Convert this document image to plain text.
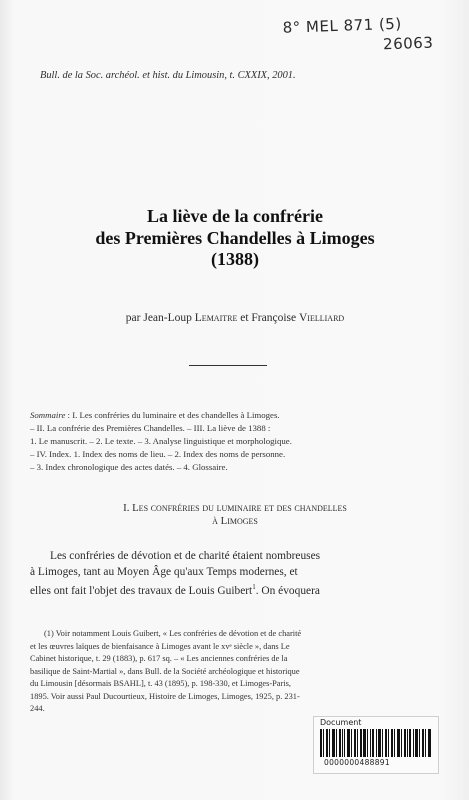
8° MEL 871 (5)
26063
Bull. de la Soc. archéol. et hist. du Limousin, t. CXXIX, 2001.
La liève de la confrérie
des Premières Chandelles à Limoges
(1388)
par Jean-Loup Lemaitre et Françoise Vielliard
Sommaire : I. Les confréries du luminaire et des chandelles à Limoges.
– II. La confrérie des Premières Chandelles. – III. La liève de 1388 :
1. Le manuscrit. – 2. Le texte. – 3. Analyse linguistique et morphologique.
– IV. Index. 1. Index des noms de lieu. – 2. Index des noms de personne.
– 3. Index chronologique des actes datés. – 4. Glossaire.
I. Les confréries du luminaire et des chandelles
à Limoges
Les confréries de dévotion et de charité étaient nombreuses
à Limoges, tant au Moyen Âge qu'aux Temps modernes, et
elles ont fait l'objet des travaux de Louis Guibert$^1$. On évoquera
(1) Voir notamment Louis Guibert, « Les confréries de dévotion et de charité
et les œuvres laïques de bienfaisance à Limoges avant le xvᵉ siècle », dans Le
Cabinet historique, t. 29 (1883), p. 617 sq. – « Les anciennes confréries de la
basilique de Saint-Martial », dans Bull. de la Société archéologique et historique
du Limousin [désormais BSAHL], t. 43 (1895), p. 198-330, et Limoges-Paris,
1895. Voir aussi Paul Ducourtieux, Histoire de Limoges, Limoges, 1925, p. 231-
244.
Document
0000000488891
